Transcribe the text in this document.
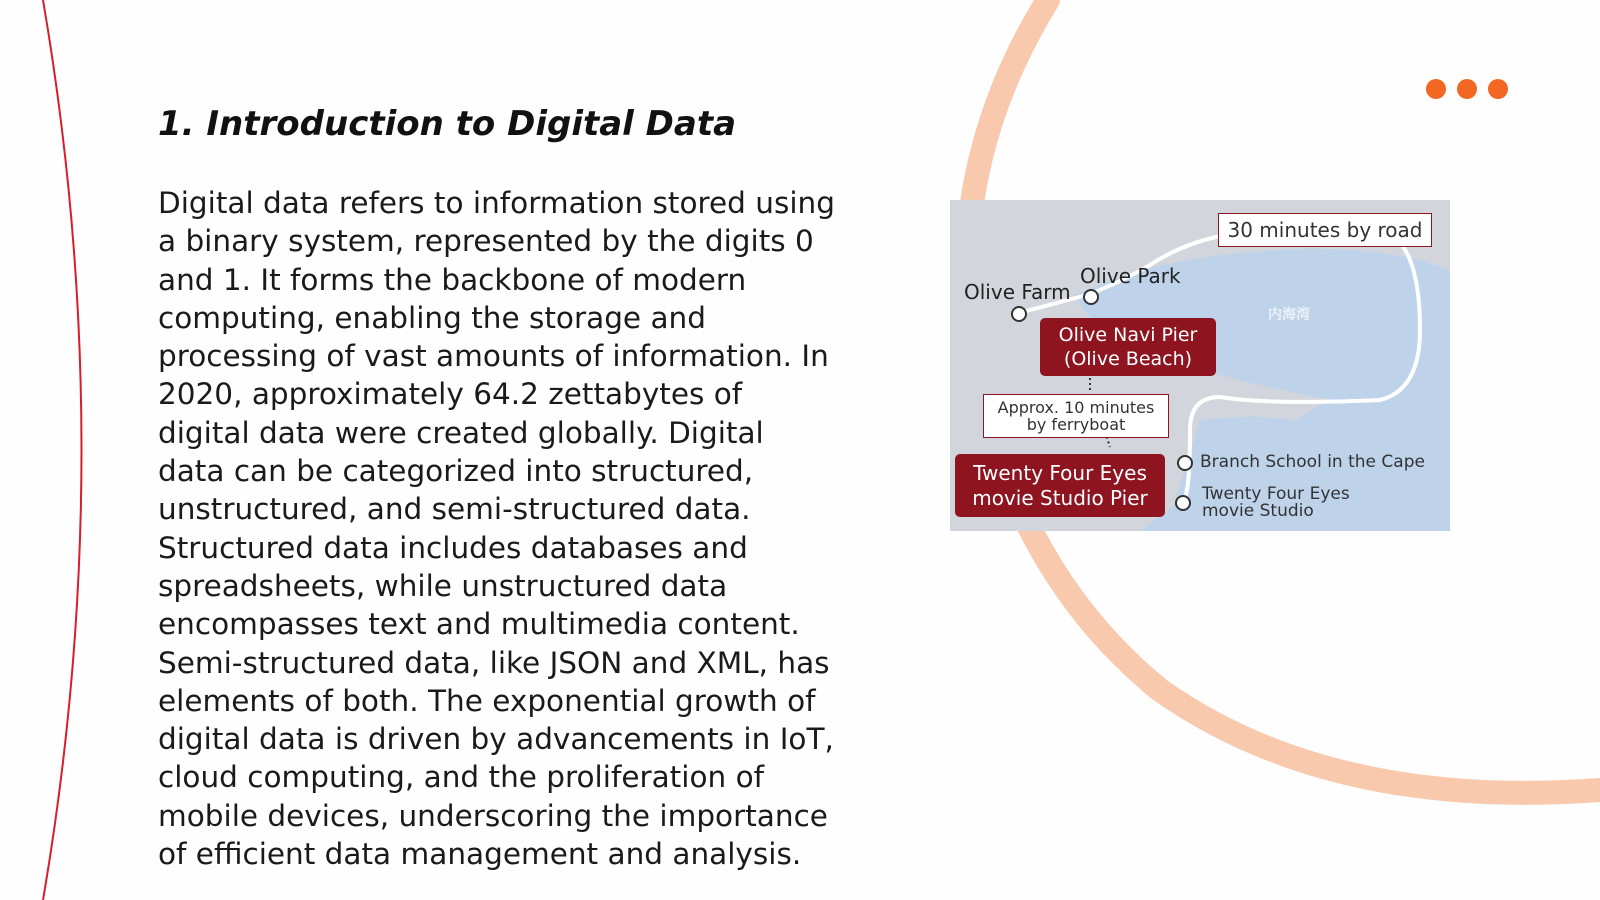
1. Introduction to Digital Data

Digital data refers to information stored using a binary system, represented by the digits 0 and 1. It forms the backbone of modern computing, enabling the storage and processing of vast amounts of information. In 2020, approximately 64.2 zettabytes of digital data were created globally. Digital data can be categorized into structured, unstructured, and semi-structured data. Structured data includes databases and spreadsheets, while unstructured data encompasses text and multimedia content. Semi-structured data, like JSON and XML, has elements of both. The exponential growth of digital data is driven by advancements in IoT, cloud computing, and the proliferation of mobile devices, underscoring the importance of efficient data management and analysis.

30 minutes by road
Olive Farm
Olive Park
内海湾
Olive Navi Pier
(Olive Beach)
Approx. 10 minutes
by ferryboat
Twenty Four Eyes
movie Studio Pier
Branch School in the Cape
Twenty Four Eyes
movie Studio
